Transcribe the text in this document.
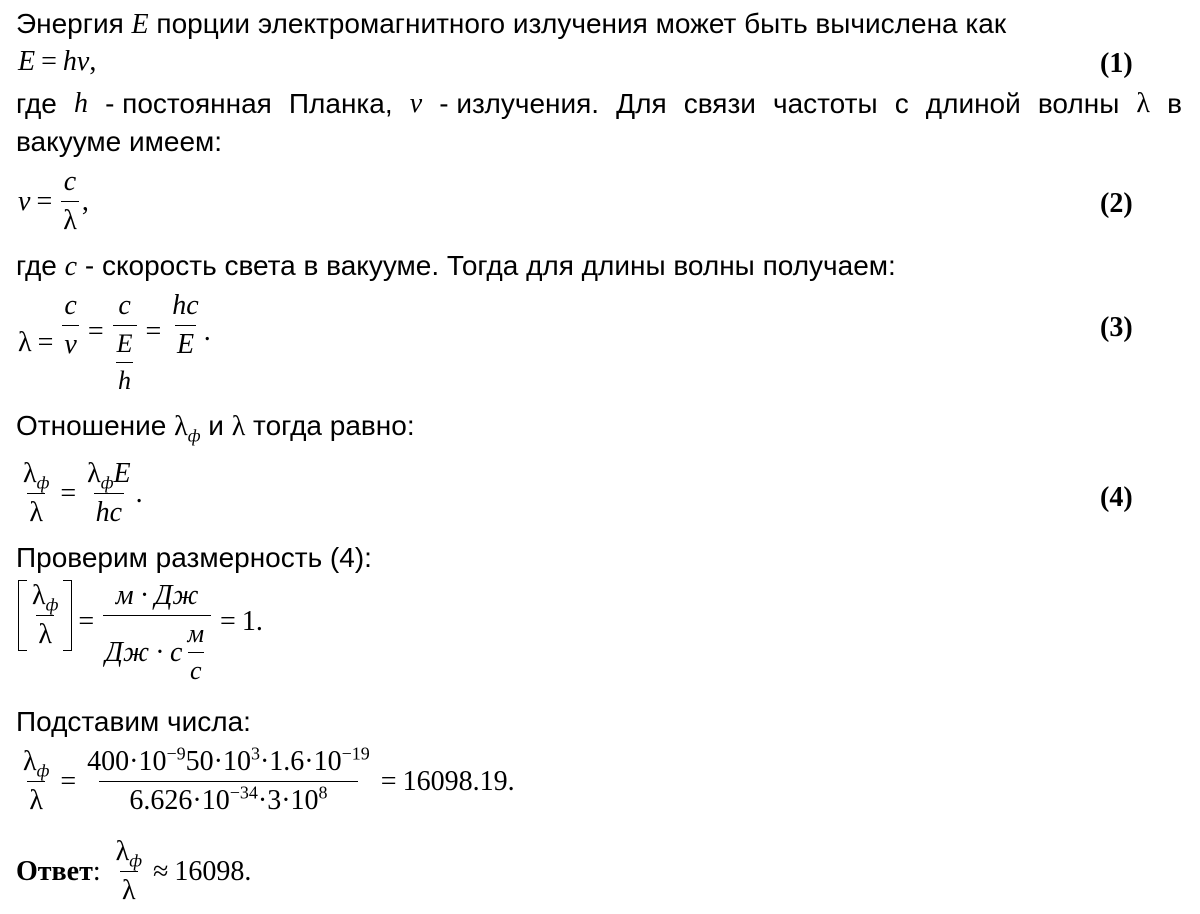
Энергия E порции электромагнитного излучения может быть вычислена как
E = hv ,	(1)
где h - постоянная Планка, v - излучения. Для связи частоты с длиной волны λ в
вакууме имеем:
$v = \frac{c}{\lambda}$ ,	(2)
где c - скорость света в вакууме. Тогда для длины волны получаем:
$\lambda = \frac{c}{v} = \frac{c}{\frac{E}{h}} = \frac{hc}{E}$ .	(3)
Отношение $\lambda_ф$ и λ тогда равно:
$\frac{\lambda_ф}{\lambda} = \frac{\lambda_фE}{hc}$ .	(4)
Проверим размерность (4):
$\frac{\lambda_ф}{\lambda} = \frac{м \cdot Дж}{Дж \cdot с \frac{м}{с}} = 1$.
Подставим числа:
$\frac{\lambda_ф}{\lambda} = \frac{400\cdot 10^{-9}50\cdot 10^3\cdot 1.6\cdot 10^{-19}}{6.626\cdot 10^{-34}\cdot 3\cdot 10^8} = 16098.19$ .
Ответ : $\frac{\lambda_ф}{\lambda} \approx 16098$ .
